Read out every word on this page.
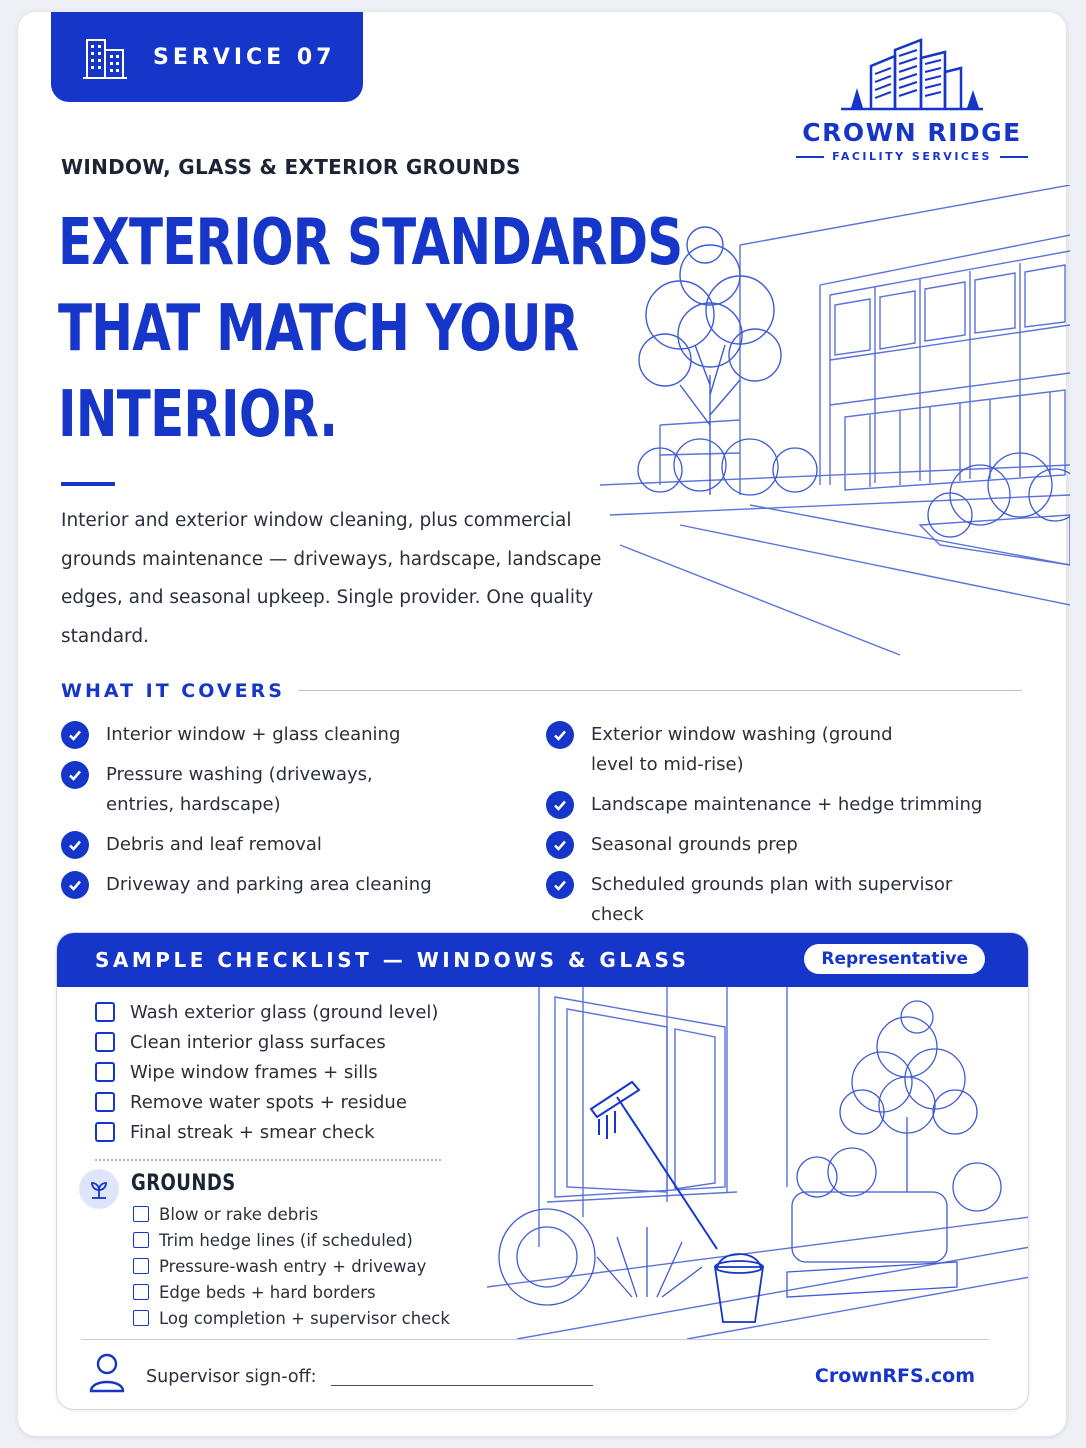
SERVICE 07
CROWN RIDGE
FACILITY SERVICES
WINDOW, GLASS & EXTERIOR GROUNDS
EXTERIOR STANDARDS
THAT MATCH YOUR
INTERIOR.

Interior and exterior window cleaning, plus commercial grounds maintenance — driveways, hardscape, landscape edges, and seasonal upkeep. Single provider. One quality standard.

WHAT IT COVERS
Interior window + glass cleaning
Pressure washing (driveways, entries, hardscape)
Debris and leaf removal
Driveway and parking area cleaning
Exterior window washing (ground level to mid-rise)
Landscape maintenance + hedge trimming
Seasonal grounds prep
Scheduled grounds plan with supervisor check
SAMPLE CHECKLIST — WINDOWS & GLASS	Representative
Wash exterior glass (ground level)
Clean interior glass surfaces
Wipe window frames + sills
Remove water spots + residue
Final streak + smear check
GROUNDS
Blow or rake debris
Trim hedge lines (if scheduled)
Pressure-wash entry + driveway
Edge beds + hard borders
Log completion + supervisor check
Supervisor sign-off:	CrownRFS.com
